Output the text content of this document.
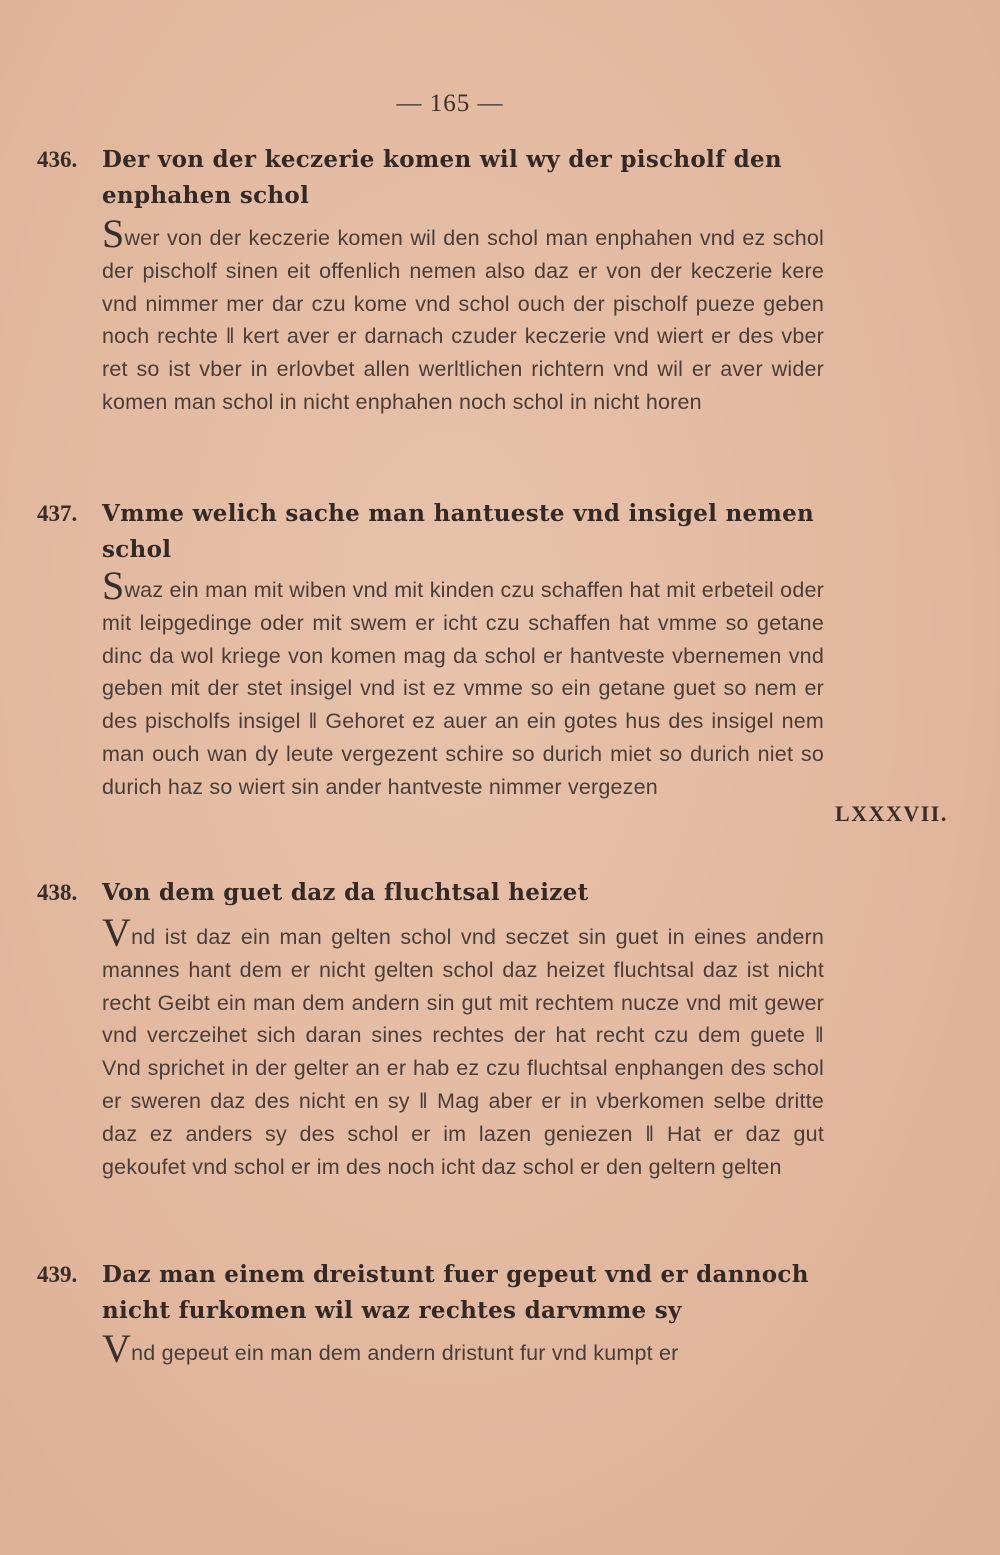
— 165 —
436. Der von der keczerie komen wil wy der pischolf den enphahen schol
Swer von der keczerie komen wil den schol man enphahen vnd ez schol der pischolf sinen eit offenlich nemen also daz er von der keczerie kere vnd nimmer mer dar czu kome vnd schol ouch der pischolf pueze geben noch rechte ‖ kert aver er darnach czuder keczerie vnd wiert er des vber ret so ist vber in erlovbet allen werltlichen richtern vnd wil er aver wider komen man schol in nicht enphahen noch schol in nicht horen
437. Vmme welich sache man hantueste vnd insigel nemen schol
Swaz ein man mit wiben vnd mit kinden czu schaffen hat mit erbeteil oder mit leipgedinge oder mit swem er icht czu schaffen hat vmme so getane dinc da wol kriege von komen mag da schol er hantveste vbernemen vnd geben mit der stet insigel vnd ist ez vmme so ein getane guet so nem er des pischolfs insigel ‖ Gehoret ez auer an ein gotes hus des insigel nem man ouch wan dy leute vergezent schire so durich miet so durich niet so durich haz so wiert sin ander hantveste nimmer vergezen
LXXXVII.
438. Von dem guet daz da fluchtsal heizet
Vnd ist daz ein man gelten schol vnd seczet sin guet in eines andern mannes hant dem er nicht gelten schol daz heizet fluchtsal daz ist nicht recht Geibt ein man dem andern sin gut mit rechtem nucze vnd mit gewer vnd verczeihet sich daran sines rechtes der hat recht czu dem guete ‖ Vnd sprichet in der gelter an er hab ez czu fluchtsal enphangen des schol er sweren daz des nicht en sy ‖ Mag aber er in vberkomen selbe dritte daz ez anders sy des schol er im lazen geniezen ‖ Hat er daz gut gekoufet vnd schol er im des noch icht daz schol er den geltern gelten
439. Daz man einem dreistunt fuer gepeut vnd er dannoch nicht furkomen wil waz rechtes darvmme sy
Vnd gepeut ein man dem andern dristunt fur vnd kumpt er
